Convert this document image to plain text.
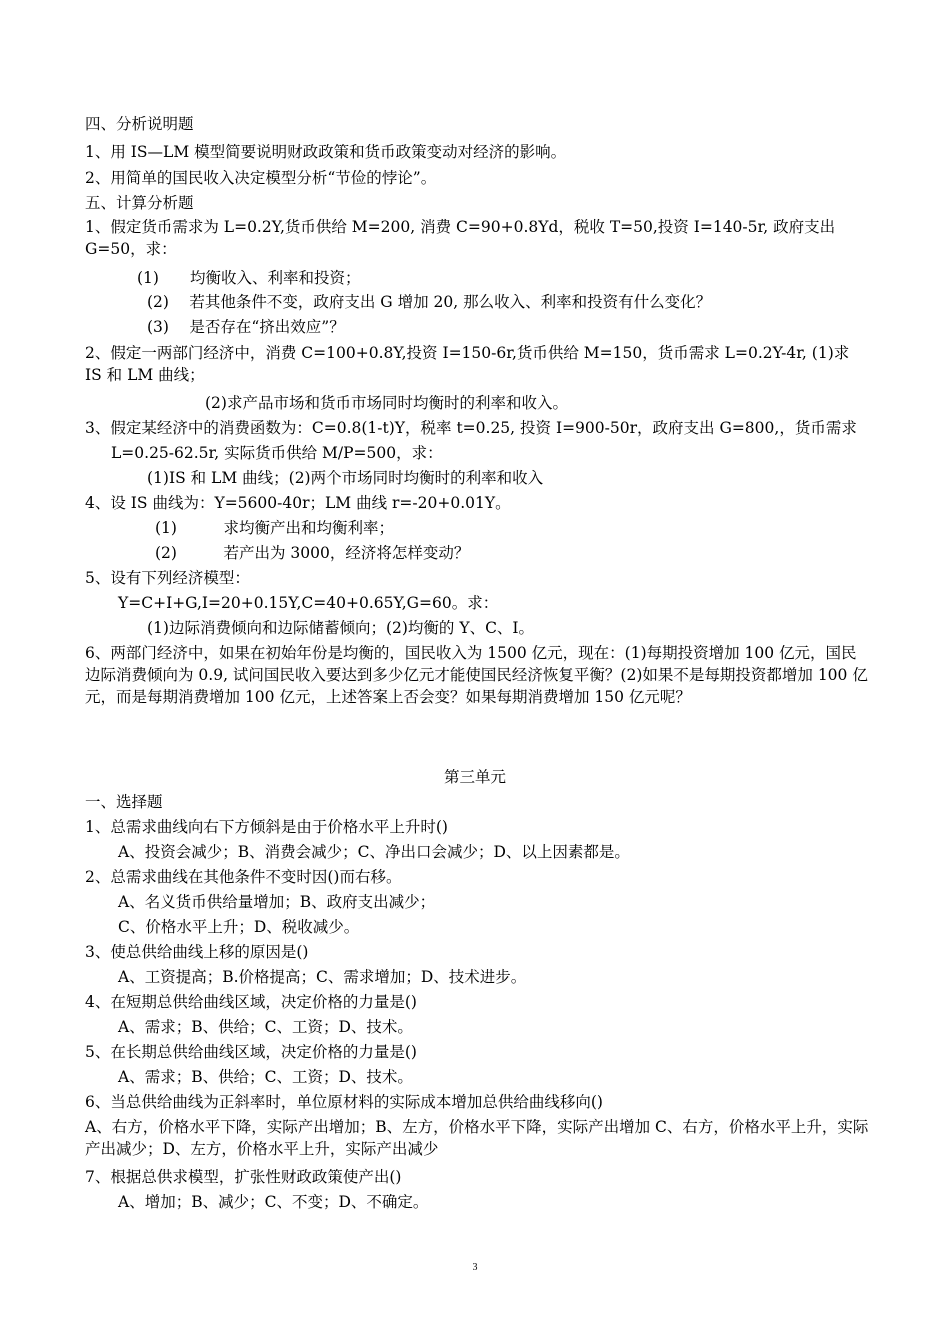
四、分析说明题
1、用 IS—LM 模型简要说明财政政策和货币政策变动对经济的影响。
2、用简单的国民收入决定模型分析“节俭的悖论”。
五、计算分析题
1、假定货币需求为 L=0.2Y,货币供给 M=200, 消费 C=90+0.8Yd，税收 T=50,投资 I=140-5r, 政府支出 G=50，求：
(1)　　均衡收入、利率和投资；
(2)　 若其他条件不变，政府支出 G 增加 20, 那么收入、利率和投资有什么变化？
(3)　 是否存在“挤出效应”？
2、假定一两部门经济中，消费 C=100+0.8Y,投资 I=150-6r,货币供给 M=150，货币需求 L=0.2Y-4r, (1)求 IS 和 LM 曲线；
(2)求产品市场和货币市场同时均衡时的利率和收入。
3、假定某经济中的消费函数为：C=0.8(1-t)Y，税率 t=0.25, 投资 I=900-50r，政府支出 G=800,，货币需求
L=0.25-62.5r, 实际货币供给 M/P=500，求：
(1)IS 和 LM 曲线；(2)两个市场同时均衡时的利率和收入
4、设 IS 曲线为：Y=5600-40r；LM 曲线 r=-20+0.01Y。
(1)　　　求均衡产出和均衡利率；
(2)　　　若产出为 3000，经济将怎样变动？
5、设有下列经济模型：
Y=C+I+G,I=20+0.15Y,C=40+0.65Y,G=60。求：
(1)边际消费倾向和边际储蓄倾向；(2)均衡的 Y、C、I。
6、两部门经济中，如果在初始年份是均衡的，国民收入为 1500 亿元，现在：(1)每期投资增加 100 亿元，国民边际消费倾向为 0.9, 试问国民收入要达到多少亿元才能使国民经济恢复平衡？(2)如果不是每期投资都增加 100 亿元，而是每期消费增加 100 亿元，上述答案上否会变？如果每期消费增加 150 亿元呢？
第三单元
一、选择题
1、总需求曲线向右下方倾斜是由于价格水平上升时()
A、投资会减少；B、消费会减少；C、净出口会减少；D、以上因素都是。
2、总需求曲线在其他条件不变时因()而右移。
A、名义货币供给量增加；B、政府支出减少；
C、价格水平上升；D、税收减少。
3、使总供给曲线上移的原因是()
A、工资提高；B.价格提高；C、需求增加；D、技术进步。
4、在短期总供给曲线区域，决定价格的力量是()
A、需求；B、供给；C、工资；D、技术。
5、在长期总供给曲线区域，决定价格的力量是()
A、需求；B、供给；C、工资；D、技术。
6、当总供给曲线为正斜率时，单位原材料的实际成本增加总供给曲线移向()
A、右方，价格水平下降，实际产出增加；B、左方，价格水平下降，实际产出增加 C、右方，价格水平上升，实际产出减少；D、左方，价格水平上升，实际产出减少
7、根据总供求模型，扩张性财政政策使产出()
A、增加；B、减少；C、不变；D、不确定。
3
